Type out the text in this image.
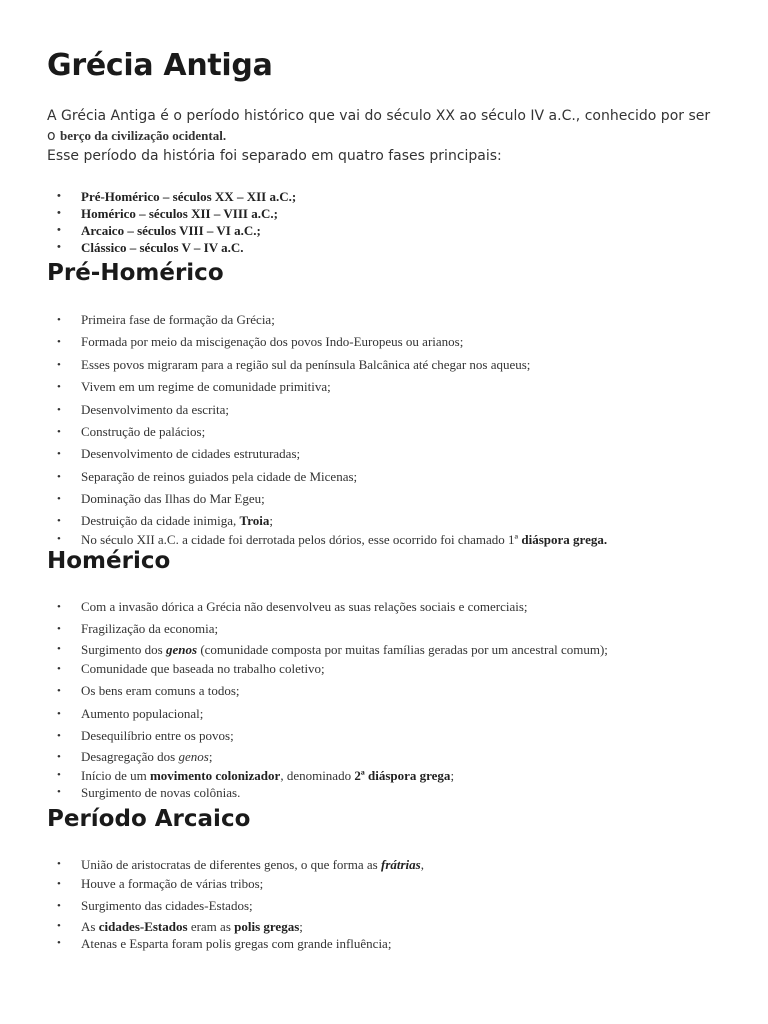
Grécia Antiga
A Grécia Antiga é o período histórico que vai do século XX ao século IV a.C., conhecido por ser
o berço da civilização ocidental.
Esse período da história foi separado em quatro fases principais:
• Pré-Homérico – séculos XX – XII a.C.;
• Homérico – séculos XII – VIII a.C.;
• Arcaico – séculos VIII – VI a.C.;
• Clássico – séculos V – IV a.C.
Pré-Homérico
• Primeira fase de formação da Grécia;
• Formada por meio da miscigenação dos povos Indo-Europeus ou arianos;
• Esses povos migraram para a região sul da península Balcânica até chegar nos aqueus;
• Vivem em um regime de comunidade primitiva;
• Desenvolvimento da escrita;
• Construção de palácios;
• Desenvolvimento de cidades estruturadas;
• Separação de reinos guiados pela cidade de Micenas;
• Dominação das Ilhas do Mar Egeu;
• Destruição da cidade inimiga, Troia;
• No século XII a.C. a cidade foi derrotada pelos dórios, esse ocorrido foi chamado 1ª diáspora grega.
Homérico
• Com a invasão dórica a Grécia não desenvolveu as suas relações sociais e comerciais;
• Fragilização da economia;
• Surgimento dos genos (comunidade composta por muitas famílias geradas por um ancestral comum);
• Comunidade que baseada no trabalho coletivo;
• Os bens eram comuns a todos;
• Aumento populacional;
• Desequilíbrio entre os povos;
• Desagregação dos genos;
• Início de um movimento colonizador, denominado 2ª diáspora grega;
• Surgimento de novas colônias.
Período Arcaico
• União de aristocratas de diferentes genos, o que forma as frátrias,
• Houve a formação de várias tribos;
• Surgimento das cidades-Estados;
• As cidades-Estados eram as polis gregas;
• Atenas e Esparta foram polis gregas com grande influência;
